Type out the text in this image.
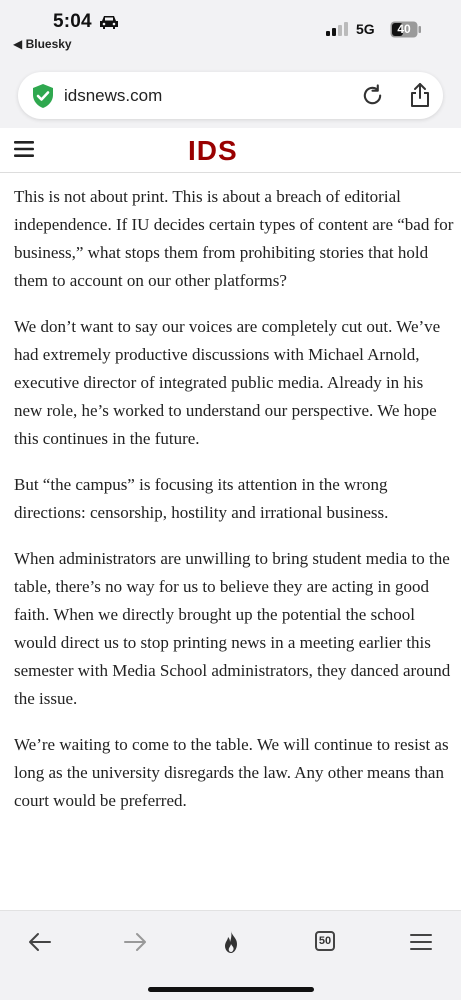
5:04
◀ Bluesky
5G	40
idsnews.com
IDS

This is not about print. This is about a breach of editorial independence. If IU decides certain types of content are “bad for business,” what stops them from prohibiting stories that hold them to account on our other platforms?

We don’t want to say our voices are completely cut out. We’ve had extremely productive discussions with Michael Arnold, executive director of integrated public media. Already in his new role, he’s worked to understand our perspective. We hope this continues in the future.

But “the campus” is focusing its attention in the wrong directions: censorship, hostility and irrational business.

When administrators are unwilling to bring student media to the table, there’s no way for us to believe they are acting in good faith. When we directly brought up the potential the school would direct us to stop printing news in a meeting earlier this semester with Media School administrators, they danced around the issue.

We’re waiting to come to the table. We will continue to resist as long as the university disregards the law. Any other means than court would be preferred.

50
